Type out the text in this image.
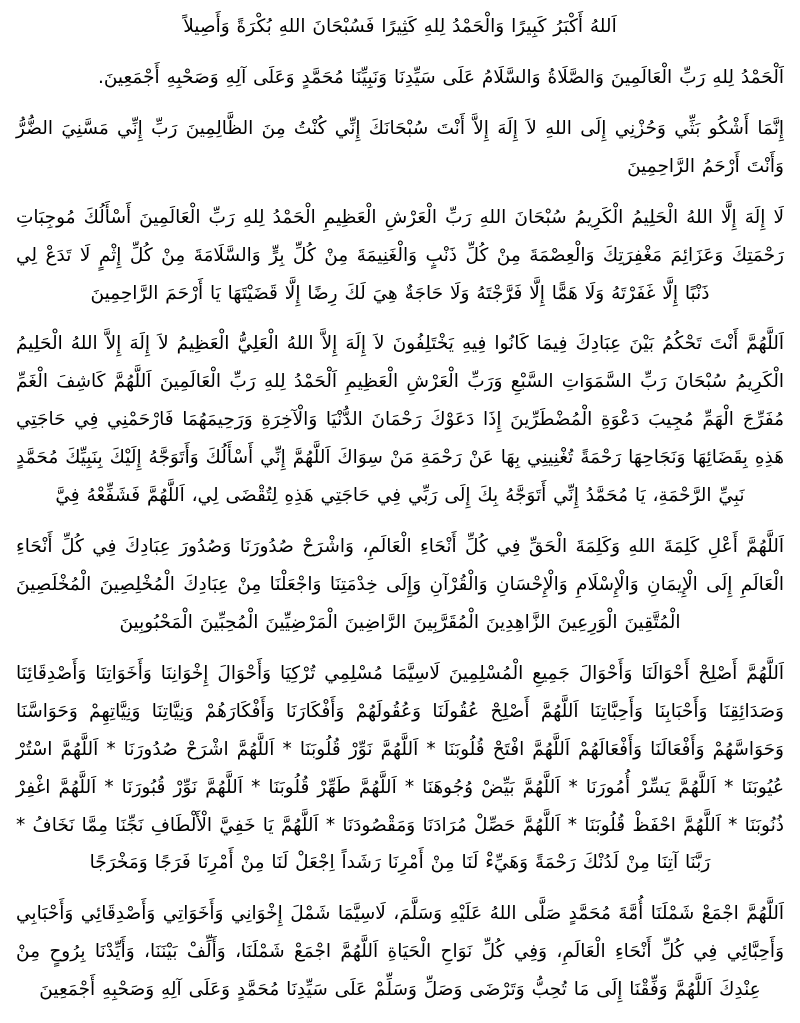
اَللهُ أَكْبَرُ كَبِيرًا وَالْحَمْدُ لِلهِ كَثِيرًا فَسُبْحَانَ اللهِ بُكْرَةً وَأَصِيلاً

اَلْحَمْدُ لِلهِ رَبِّ الْعَالَمِينَ وَالصَّلَاةُ وَالسَّلَامُ عَلَى سَيِّدِنَا وَنَبِيِّنَا مُحَمَّدٍ وَعَلَى آلِهِ وَصَحْبِهِ أَجْمَعِينَ.

إِنَّمَا أَشْكُو بَثِّي وَحُزْنِي إِلَى اللهِ لاَ إِلَهَ إِلاَّ أَنْتَ سُبْحَانَكَ إِنِّي كُنْتُ مِنَ الظَّالِمِينَ رَبِّ إِنِّي مَسَّنِيَ الضُّرُّ وَأَنْتَ أَرْحَمُ الرَّاحِمِينَ

لَا إِلَهَ إِلَّا اللهُ الْحَلِيمُ الْكَرِيمُ سُبْحَانَ اللهِ رَبِّ الْعَرْشِ الْعَظِيمِ الْحَمْدُ لِلهِ رَبِّ الْعَالَمِينَ أَسْأَلُكَ مُوجِبَاتِ رَحْمَتِكَ وَعَزَائِمَ مَغْفِرَتِكَ وَالْعِصْمَةَ مِنْ كُلِّ ذَنْبٍ وَالْغَنِيمَةَ مِنْ كُلِّ بِرٍّ وَالسَّلَامَةَ مِنْ كُلِّ إِثْمٍ لَا تَدَعْ لِي ذَنْبًا إِلَّا غَفَرْتَهُ وَلَا هَمًّا إِلَّا فَرَّجْتَهُ وَلَا حَاجَةٌ هِيَ لَكَ رِضًا إِلَّا قَضَيْتَهَا يَا أَرْحَمَ الرَّاحِمِينَ

اَللَّهُمَّ أَنْتَ تَحْكُمُ بَيْنَ عِبَادِكَ فِيمَا كَانُوا فِيهِ يَخْتَلِفُونَ لاَ إِلَهَ إِلاَّ اللهُ الْعَلِيُّ الْعَظِيمُ لاَ إِلَهَ إِلاَّ اللهُ الْحَلِيمُ الْكَرِيمُ سُبْحَانَ رَبِّ السَّمَوَاتِ السَّبْعِ وَرَبِّ الْعَرْشِ الْعَظِيمِ اَلْحَمْدُ لِلهِ رَبِّ الْعَالَمِينَ اَللَّهُمَّ كَاشِفَ الْغَمِّ مُفَرِّجَ الْهَمِّ مُجِيبَ دَعْوَةِ الْمُضْطَرِّينَ إِذَا دَعَوْكَ رَحْمَانَ الدُّنْيَا وَالْآخِرَةِ وَرَحِيمَهُمَا فَارْحَمْنِي فِي حَاجَتِي هَذِهِ بِقَضَائِهَا وَنَجَاحِهَا رَحْمَةً تُغْنِينِي بِهَا عَنْ رَحْمَةِ مَنْ سِوَاكَ اَللَّهُمَّ إِنِّي أَسْأَلُكَ وَأَتَوَجَّهُ إِلَيْكَ بِنَبِيِّكَ مُحَمَّدٍ نَبِيِّ الرَّحْمَةِ، يَا مُحَمَّدُ إِنِّي أَتَوَجَّهُ بِكَ إِلَى رَبِّي فِي حَاجَتِي هَذِهِ لِتُقْضَى لِي، اَللَّهُمَّ فَشَفِّعْهُ فِيَّ

اَللَّهُمَّ أَعْلِ كَلِمَةَ اللهِ وَكَلِمَةَ الْحَقِّ فِي كُلِّ أَنْحَاءِ الْعَالَمِ، وَاشْرَحْ صُدُورَنَا وَصُدُورَ عِبَادِكَ فِي كُلِّ أَنْحَاءِ الْعَالَمِ إِلَى الْإِيمَانِ وَالْإِسْلَامِ وَالْإِحْسَانِ وَالْقُرْآنِ وَإِلَى خِدْمَتِنَا وَاجْعَلْنَا مِنْ عِبَادِكَ الْمُخْلِصِينَ الْمُخْلَصِينَ الْمُتَّقِينَ الْوَرِعِينَ الزَّاهِدِينَ الْمُقَرَّبِينَ الرَّاضِينَ الْمَرْضِيِّينَ الْمُحِبِّينَ الْمَحْبُوبِينَ

اَللَّهُمَّ أَصْلِحْ أَحْوَالَنَا وَأَحْوَالَ جَمِيعِ الْمُسْلِمِينَ لَاسِيَّمَا مُسْلِمِي تُرْكِيَا وَأَحْوَالَ إِخْوَانِنَا وَأَخَوَاتِنَا وَأَصْدِقَائِنَا وَصَدَائِقِنَا وَأَحْبَابِنَا وَأَحِبَّاتِنَا اَللَّهُمَّ أَصْلِحْ عُقُولَنَا وَعُقُولَهُمْ وَأَفْكَارَنَا وَأَفْكَارَهُمْ وَنِيَّاتِنَا وَنِيَّاتِهِمْ وَحَوَاسَّنَا وَحَوَاسَّهُمْ وَأَفْعَالَنَا وَأَفْعَالَهُمْ اَللَّهُمَّ افْتَحْ قُلُوبَنَا * اَللَّهُمَّ نَوِّرْ قُلُوبَنَا * اَللَّهُمَّ اشْرَحْ صُدُورَنَا * اَللَّهُمَّ اسْتُرْ عُيُوبَنَا * اَللَّهُمَّ يَسِّرْ أُمُورَنَا * اَللَّهُمَّ بَيِّضْ وُجُوهَنَا * اَللَّهُمَّ طَهِّرْ قُلُوبَنَا * اَللَّهُمَّ نَوِّرْ قُبُورَنَا * اَللَّهُمَّ اغْفِرْ ذُنُوبَنَا * اَللَّهُمَّ احْفَظْ قُلُوبَنَا * اَللَّهُمَّ حَصِّلْ مُرَادَنَا وَمَقْصُودَنَا * اَللَّهُمَّ يَا خَفِيَّ الْأَلْطَافِ نَجِّنَا مِمَّا نَخَافُ * رَبَّنَا آتِنَا مِنْ لَدُنْكَ رَحْمَةً وَهَيِّءْ لَنَا مِنْ أَمْرِنَا رَشَداً اِجْعَلْ لَنَا مِنْ أَمْرِنَا فَرَجًا وَمَخْرَجًا

اَللَّهُمَّ اجْمَعْ شَمْلَنَا أُمَّةَ مُحَمَّدٍ صَلَّى اللهُ عَلَيْهِ وَسَلَّمَ، لَاسِيَّمَا شَمْلَ إِخْوَانِي وَأَخَوَاتِي وَأَصْدِقَائِي وَأَحْبَابِي وَأَحِبَّائِي فِي كُلِّ أَنْحَاءِ الْعَالَمِ، وَفِي كُلِّ نَوَاحِ الْحَيَاةِ اَللَّهُمَّ اجْمَعْ شَمْلَنَا، وَأَلِّفْ بَيْنَنَا، وَأَيِّدْنَا بِرُوحٍ مِنْ عِنْدِكَ اَللَّهُمَّ وَفِّقْنَا إِلَى مَا تُحِبُّ وَتَرْضَى وَصَلِّ وَسَلِّمْ عَلَى سَيِّدِنَا مُحَمَّدٍ وَعَلَى آلِهِ وَصَحْبِهِ أَجْمَعِينَ
